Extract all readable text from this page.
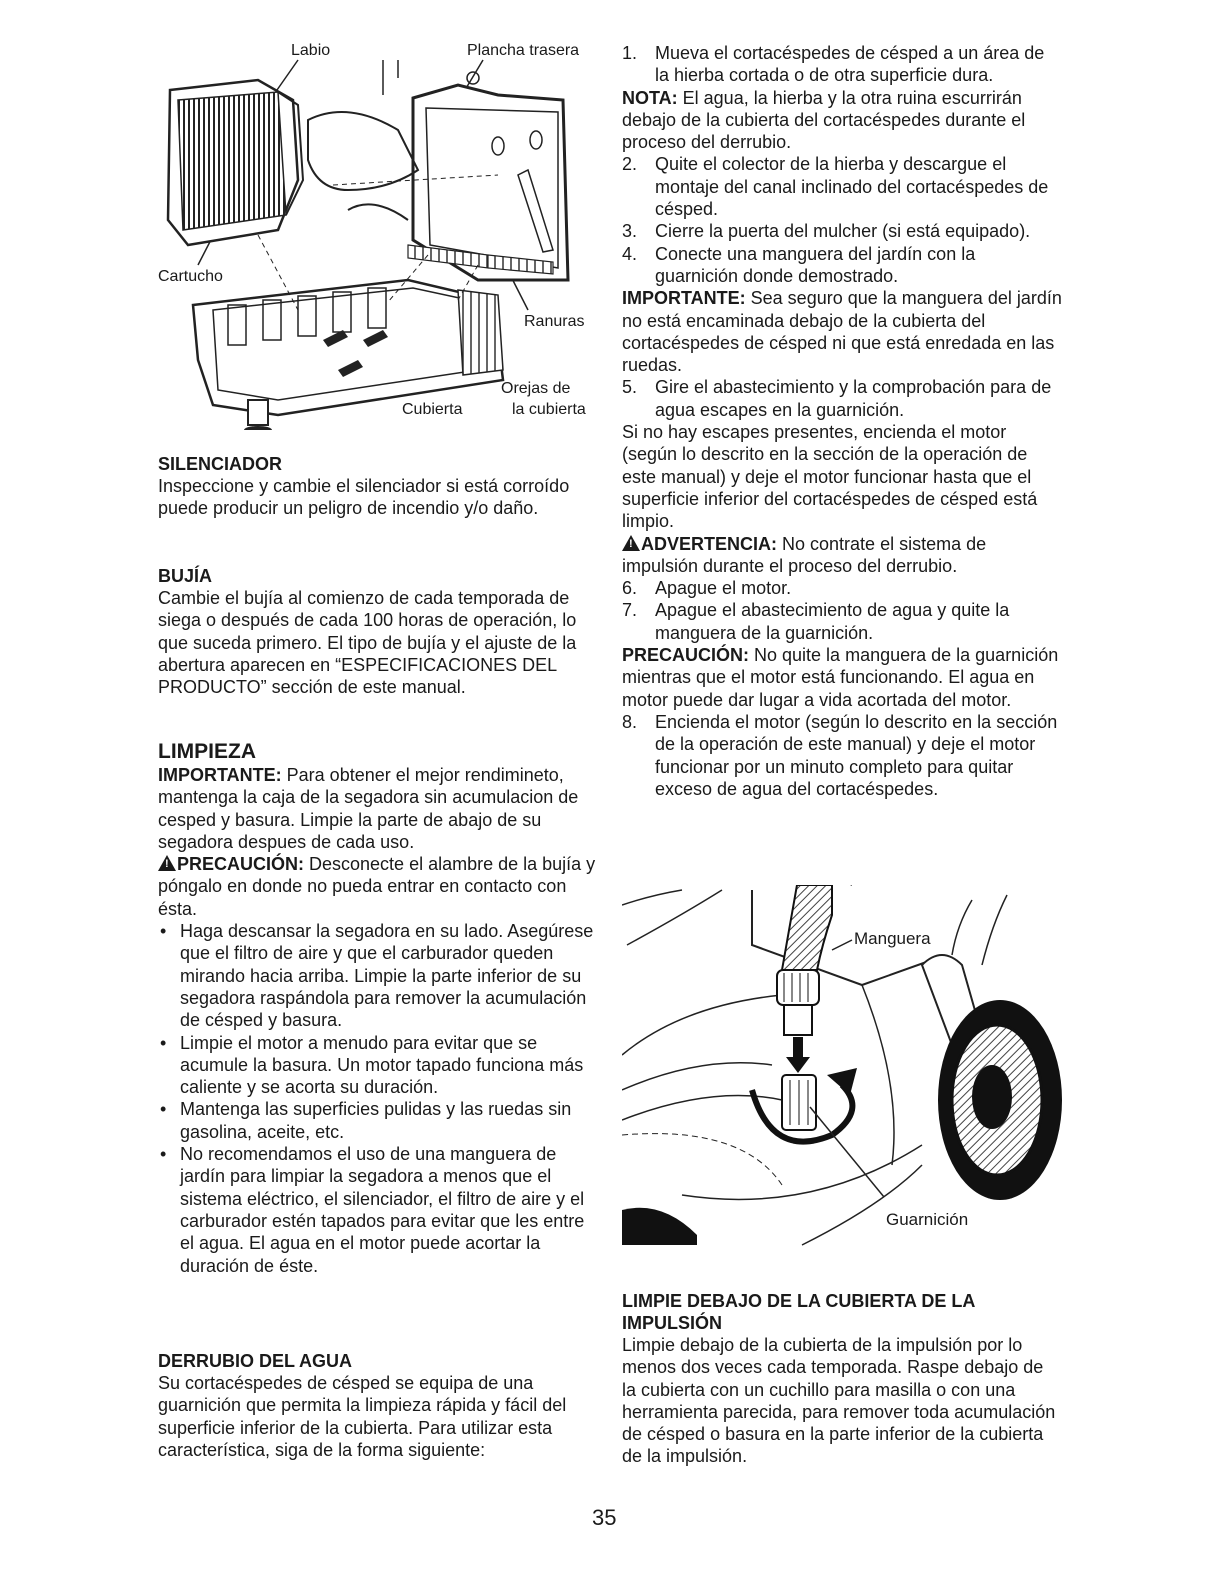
Labio	Plancha trasera
Cartucho
Ranuras
Orejas de
la cubierta
Cubierta

SILENCIADOR

Inspeccione y cambie el silenciador si está corroído puede producir un peligro de incendio y/o daño.

BUJÍA

Cambie el bujía al comienzo de cada temporada de siega o después de cada 100 horas de operación, lo que suceda primero. El tipo de bujía y el ajuste de la abertura aparecen en “ESPECIFICACIONES DEL PRODUCTO” sección de este manual.

LIMPIEZA

IMPORTANTE: Para obtener el mejor rendimineto, mantenga la caja de la segadora sin acumulacion de cesped y basura. Limpie la parte de abajo de su segadora despues de cada uso.

!PRECAUCIÓN: Desconecte el alambre de la bujía y póngalo en donde no pueda entrar en contacto con ésta.

• Haga descansar la segadora en su lado. Asegúrese que el filtro de aire y que el carburador queden mirando hacia arriba. Limpie la parte inferior de su segadora raspándola para remover la acumulación de césped y basura.
• Limpie el motor a menudo para evitar que se acumule la basura. Un motor tapado funciona más caliente y se acorta su duración.
• Mantenga las superficies pulidas y las ruedas sin gasolina, aceite, etc.
• No recomendamos el uso de una manguera de jardín para limpiar la segadora a menos que el sistema eléctrico, el silenciador, el filtro de aire y el carburador estén tapados para evitar que les entre el agua. El agua en el motor puede acortar la duración de éste.

DERRUBIO DEL AGUA

Su cortacéspedes de césped se equipa de una guarnición que permita la limpieza rápida y fácil del superficie inferior de la cubierta. Para utilizar esta característica, siga de la forma siguiente:

1. Mueva el cortacéspedes de césped a un área de la hierba cortada o de otra superficie dura.

NOTA: El agua, la hierba y la otra ruina escurrirán debajo de la cubierta del cortacéspedes durante el proceso del derrubio.

2. Quite el colector de la hierba y descargue el montaje del canal inclinado del cortacéspedes de césped.
3. Cierre la puerta del mulcher (si está equipado).
4. Conecte una manguera del jardín con la guarnición donde demostrado.

IMPORTANTE: Sea seguro que la manguera del jardín no está encaminada debajo de la cubierta del cortacéspedes de césped ni que está enredada en las ruedas.

5. Gire el abastecimiento y la comprobación para de agua escapes en la guarnición.

Si no hay escapes presentes, encienda el motor (según lo descrito en la sección de la operación de este manual) y deje el motor funcionar hasta que el superficie inferior del cortacéspedes de césped está limpio.

!ADVERTENCIA: No contrate el sistema de impulsión durante el proceso del derrubio.

6. Apague el motor.
7. Apague el abastecimiento de agua y quite la manguera de la guarnición.

PRECAUCIÓN: No quite la manguera de la guarnición mientras que el motor está funcionando. El agua en motor puede dar lugar a vida acortada del motor.

8. Encienda el motor (según lo descrito en la sección de la operación de este manual) y deje el motor funcionar por un minuto completo para quitar exceso de agua del cortacéspedes.
Manguera
Guarnición

LIMPIE DEBAJO DE LA CUBIERTA DE LA IMPULSIÓN

Limpie debajo de la cubierta de la impulsión por lo menos dos veces cada temporada. Raspe debajo de la cubierta con un cuchillo para masilla o con una herramienta parecida, para remover toda acumulación de césped o basura en la parte inferior de la cubierta de la impulsión.

35
